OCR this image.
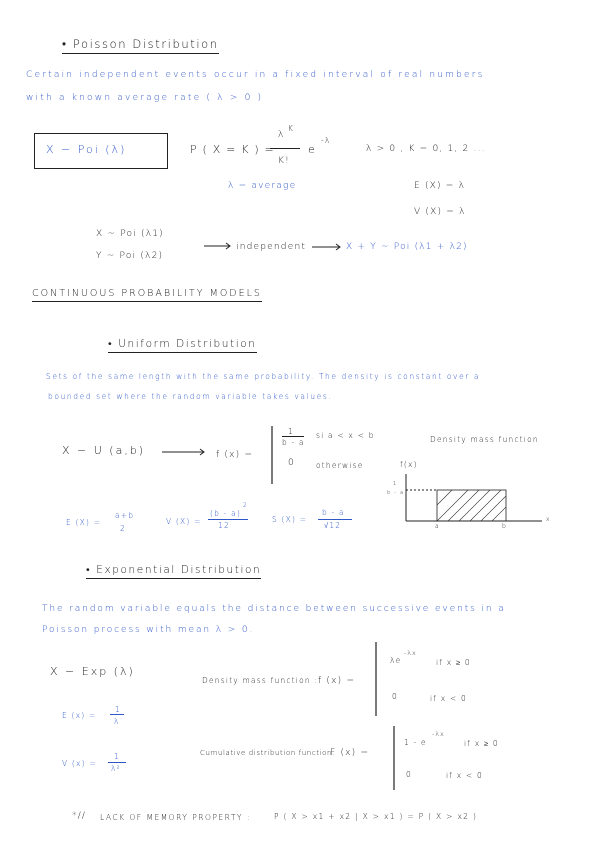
• Poisson Distribution
Certain independent events occur in a fixed interval of real numbers
with a known average rate ( λ > 0 )
X ~ Poi (λ)	P ( X = K ) =
λ
K
K!
e
-λ
λ > 0 , K = 0, 1, 2 ...
λ = average	E (X) = λ
V (X) = λ
X ~ Poi (λ1)
Y ~ Poi (λ2)
independent	X + Y ~ Poi (λ1 + λ2)
CONTINUOUS PROBABILITY MODELS
• Uniform Distribution
Sets of the same length with the same probability. The density is constant over a
bounded set where the random variable takes values.
X ~ U (a,b)	f (x) =
1
b - a
si a < x < b
0	otherwise
Density mass function
f(x)
1
b - a
a	b
x
E (X) =
a+b
2
V (X) =
(b - a)
2
12
S (X) =
b - a
√12
• Exponential Distribution
The random variable equals the distance between successive events in a
Poisson process with mean λ > 0.
X ~ Exp (λ)
E (x) =
1
λ
V (x) =
1
λ²
Density mass function : f (x) =
λe
-λx
if x ≥ 0
0	if x < 0
Cumulative distribution function:
F (x) =
1 - e
-λx
if x ≥ 0
0	if x < 0
*// LACK OF MEMORY PROPERTY :	P ( X > x1 + x2 | X > x1 ) = P ( X > x2 )
